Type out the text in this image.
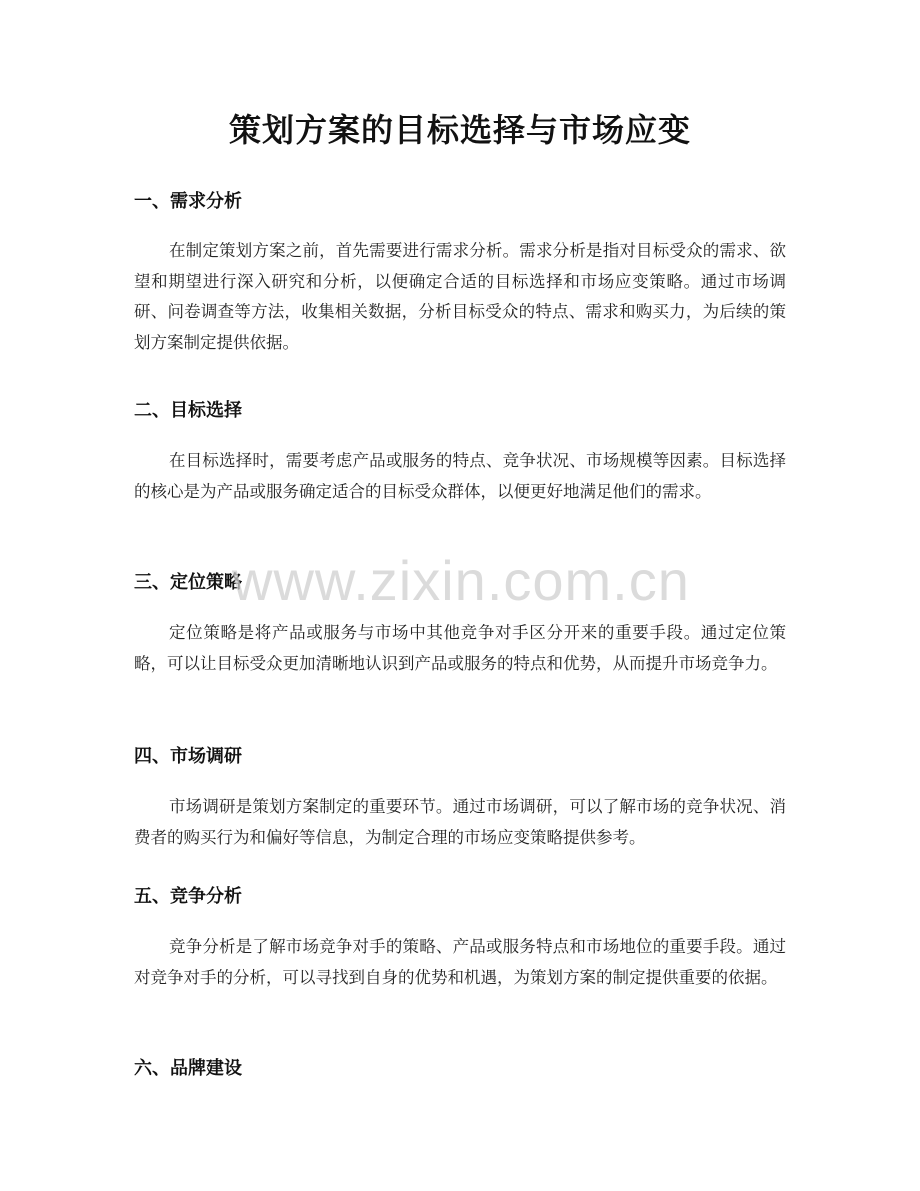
策划方案的目标选择与市场应变
一、需求分析

在制定策划方案之前，首先需要进行需求分析。需求分析是指对目标受众的需求、欲望和期望进行深入研究和分析，以便确定合适的目标选择和市场应变策略。通过市场调研、问卷调查等方法，收集相关数据，分析目标受众的特点、需求和购买力，为后续的策划方案制定提供依据。

二、目标选择

在目标选择时，需要考虑产品或服务的特点、竞争状况、市场规模等因素。目标选择的核心是为产品或服务确定适合的目标受众群体，以便更好地满足他们的需求。

三、定位策略

定位策略是将产品或服务与市场中其他竞争对手区分开来的重要手段。通过定位策略，可以让目标受众更加清晰地认识到产品或服务的特点和优势，从而提升市场竞争力。

四、市场调研

市场调研是策划方案制定的重要环节。通过市场调研，可以了解市场的竞争状况、消费者的购买行为和偏好等信息，为制定合理的市场应变策略提供参考。

五、竞争分析

竞争分析是了解市场竞争对手的策略、产品或服务特点和市场地位的重要手段。通过对竞争对手的分析，可以寻找到自身的优势和机遇，为策划方案的制定提供重要的依据。

六、品牌建设
www.zixin.com.cn
